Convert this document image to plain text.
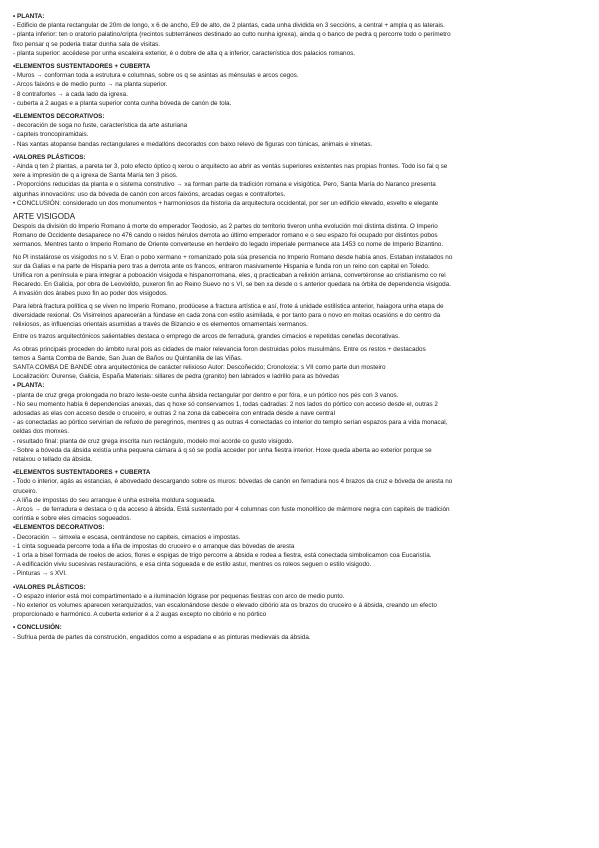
• PLANTA:
- Edificio de planta rectangular de 20m de longo, x 6 de ancho, E9 de alto, de 2 plantas, cada unha dividida en 3 seccións, a central + ampla q as laterais.
- planta inferior: ten o oratorio palatino/cripta (recintos subterráneos destinado ao culto nunha igrexa), ainda q o banco de pedra q percorre todo o perímetro
fixo pensar q se poderia tratar dunha sala de visitas.
- planta superior: accédese por unha escaleira exterior, é o dobre de alta q a inferior, característica dos palacios romanos.
•ELEMENTOS SUSTENTADORES + CUBERTA
- Muros → conforman toda a estrutura e columnas, sobre os q se asintas as ménsulas e arcos cegos.
- Arcos faixóns e de medio punto → na planta superior.
- 8 contrafortes → a cada lado da igrexa.
- cuberta a 2 augas e a planta superior conta cunha bóveda de canón de tola.
•ELEMENTOS DECORATIVOS:
- decoración de soga no fuste, característica da arte asturiana
- capiteis troncopiramidais.
- Nas xantas atopanse bandas rectangulares e medallóns decorados con baixo relevo de figuras con túnicas, animais e xinetas.
•VALORES PLÁSTICOS:
- Ainda q ten 2 plantas, a pareta ter 3, polo efecto óptico q xerou o arquitecto ao abrir as ventás superiores existentes nas propias frontes. Todo iso fai q se
xere a impresión de q a igrexa de Santa María ten 3 pisos.
- Proporcións reducidas da planta e o sistema construtivo → xa forman parte da tradición romana e visigótica. Pero, Santa María do Naranco presenta
algunhas innovacións: uso da bóveda de canón con arcos faixóns, arcadas cegas e contrafortes.
• CONCLUSIÓN: considerado un dos monumentos + harmoniosos da historia da arquitectura occidental, por ser un edificio elevado, esvelto e elegante
ARTE VISIGODA
Despois da división do Imperio Romano á morte do emperador Teodosio, as 2 partes do territorio tiveron unha evolución moi distinta distinta. O Imperio
Romano de Occidente desaparece no 476 cando o reidos hérulos derrota ao último emperador romano e o seu espazo foi ocupado por distintos pobos
xermanos. Mentres tanto o Imperio Romano de Oriente converteuse en herdeiro do legado imperiale permanece ata 1453 co nome de Imperio Bizantino.
No Pl instalárose os visigodos no s V. Eran o pobo xermano + romanizado pola súa presencia no Imperio Romano desde había anos. Estaban instalados no
sur da Galias e na parte de Hispania pero tras a derrota ante os francos, entraron masivamente Hispania e funda ron un reino con capital en Toledo.
Unifica ron a península e para integrar a poboación visigoda e hispanorromana, eles, q practicaban a relixión arriana, convertéronse ao cristianismo co rei
Recaredo. En Galicia, por obra de Leovixildo, puxeron fin ao Reino Suevo no s VI, se ben xa desde o s anterior quedara na órbita de dependencia visigoda.
A invasión dos árabes puxo fin ao poder dos visigodos.
Para lebrá fractura política q se viven no Imperio Romano, prodúcese a fractura artística e así, frote á unidade estilística anterior, haiagora unha etapa de
diversidade rexional. Os Visirreinos aparecerán a fúndase en cada zona con estilo asimilada, e por tanto para o novo en moitas ocasións e do centro da
relixiosos, as influencias orientais asumidas a través de Bizancio e os elementos ornamentais xermanos.
Entre os trazos arquitectónicos salientables destaca o emprego de arcos de ferradura, grandes cimacios e repetidas cenefas decorativas.
As obras principais proceden do ámbito rural pois as cidades de maior relevancia foron destruidas polos musulmáns. Entre os restos + destacados
temos a Santa Comba de Bande, San Juan de Baños ou Quintanilla de las Viñas.
SANTA COMBA DE BANDE obra arquitectónica de carácter relixioso Autor: Descoñecido; Cronoloxía: s VII como parte dun mosteiro
Localización: Ourense, Galicia, España Materiais: sillares de pedra (granito) ben labrados e ladrillo para as bóvedas
• PLANTA:
- planta de cruz grega prolongada no brazo leste-oeste cunha ábsida rectangular por dentro e por fóra, e un pórtico nos pés con 3 vanos.
- No seu momento había 6 dependencias anexas, das q hoxe só conservamos 1, todas cadradas: 2 nos lados do pórtico con acceso desde el, outras 2
adosadas as elas con acceso desde o cruceiro, e outras 2 na zona da cabeceira con entrada desde a nave central
- as conectadas ao pórtico servirían de refuxio de peregrinos, mentres q as outras 4 conectadas co interior do templo serían espazos para a vida monacal,
celdas dos monxes.
- resultado final: planta de cruz grega inscrita nun rectángulo, modelo moi acorde co gusto visigodo.
- Sobre a bóveda da ábsida existía unha pequena cámara á q só se podía acceder por unha fiestra interior. Hoxe queda aberta ao exterior porque se
retaixou o tellado da ábsida.
•ELEMENTOS SUSTENTADORES + CUBERTA
- Todo o interior, agás as estancias, é abovedado descargando sobre os muros: bóvedas de canón en ferradura nos 4 brazos da cruz e bóveda de aresta no
cruceiro.
- A liña de impostas do seu arranque é unha estreita moldura sogueada.
- Arcos → de ferradura e destaca o q da acceso á ábsida. Está sustentado por 4 columnas con fuste monolítico de mármore negra con capiteis de tradición
coríntia e sobre eles cimacios sogueados.
•ELEMENTOS DECORATIVOS:
- Decoración → simxela e escasa, centrándose no capiteis, cimacios e impostas.
- 1 cinta sogueada percorre toda a liña de impostas do cruceiro e o arranque das bóvedas de aresta
- 1 orla a bisel formada de roelos de acios, flores e espigas de trigo percorre a ábsida e rodea a fiestra, está conectada simbolicamon coa Eucaristía.
- A edificación viviu sucesivas restauracións, e esa cinta sogueada e de estilo astur, mentres os roleos seguen o estilo visigodo.
- Pinturas → s XVI.
•VALORES PLÁSTICOS:
- O espazo interior está moi compartimentado e a iluminación lógrase por pequenas fiestras con arco de medio punto.
- No exterior os volumes aparecen xerarquizados, van escalonándose desde o elevado cibório ata os brazos do cruceiro e á ábsida, creando un efecto
proporcionado e harmónico. A cuberta exterior é a 2 augas excepto no cibório e no pórtico
• CONCLUSIÓN:
- Sufriua perda de partes da construción, engadidos como a espadana e as pinturas medievais da ábsida.
